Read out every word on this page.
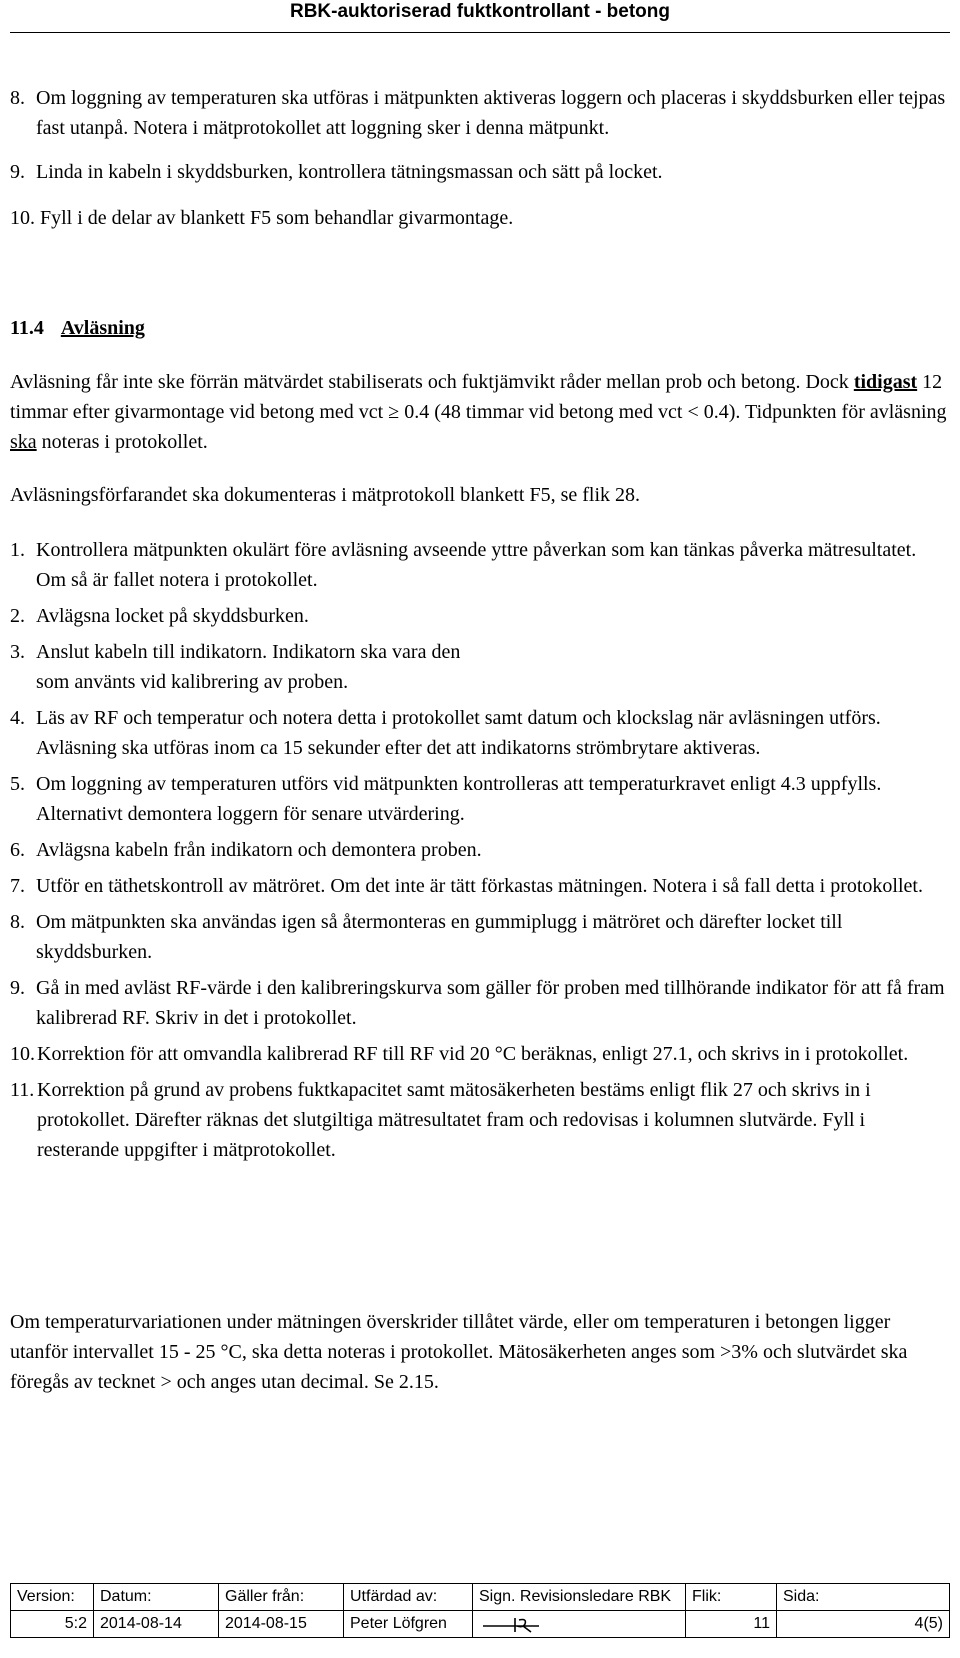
RBK-auktoriserad fuktkontrollant - betong
8. Om loggning av temperaturen ska utföras i mätpunkten aktiveras loggern och placeras i skyddsburken eller tejpas fast utanpå. Notera i mätprotokollet att loggning sker i denna mätpunkt.
9. Linda in kabeln i skyddsburken, kontrollera tätningsmassan och sätt på locket.
10. Fyll i de delar av blankett F5 som behandlar givarmontage.
11.4 Avläsning

Avläsning får inte ske förrän mätvärdet stabiliserats och fuktjämvikt råder mellan prob och betong. Dock tidigast 12 timmar efter givarmontage vid betong med vct ≥ 0.4 (48 timmar vid betong med vct < 0.4). Tidpunkten för avläsning ska noteras i protokollet.

Avläsningsförfarandet ska dokumenteras i mätprotokoll blankett F5, se flik 28.

1. Kontrollera mätpunkten okulärt före avläsning avseende yttre påverkan som kan tänkas påverka mätresultatet. Om så är fallet notera i protokollet.
2. Avlägsna locket på skyddsburken.
3. Anslut kabeln till indikatorn. Indikatorn ska vara den
som använts vid kalibrering av proben.
4. Läs av RF och temperatur och notera detta i protokollet samt datum och klockslag när avläsningen utförs. Avläsning ska utföras inom ca 15 sekunder efter det att indikatorns strömbrytare aktiveras.
5. Om loggning av temperaturen utförs vid mätpunkten kontrolleras att temperaturkravet enligt 4.3 uppfylls. Alternativt demontera loggern för senare utvärdering.
6. Avlägsna kabeln från indikatorn och demontera proben.
7. Utför en täthetskontroll av mätröret. Om det inte är tätt förkastas mätningen. Notera i så fall detta i protokollet.
8. Om mätpunkten ska användas igen så återmonteras en gummiplugg i mätröret och därefter locket till skyddsburken.
9. Gå in med avläst RF-värde i den kalibreringskurva som gäller för proben med tillhörande indikator för att få fram kalibrerad RF. Skriv in det i protokollet.
10. Korrektion för att omvandla kalibrerad RF till RF vid 20 °C beräknas, enligt 27.1, och skrivs in i protokollet.
11. Korrektion på grund av probens fuktkapacitet samt mätosäkerheten bestäms enligt flik 27 och skrivs in i protokollet. Därefter räknas det slutgiltiga mätresultatet fram och redovisas i kolumnen slutvärde. Fyll i resterande uppgifter i mätprotokollet.

Om temperaturvariationen under mätningen överskrider tillåtet värde, eller om temperaturen i betongen ligger utanför intervallet 15 - 25 °C, ska detta noteras i protokollet. Mätosäkerheten anges som >3% och slutvärdet ska föregås av tecknet > och anges utan decimal. Se 2.15.

Version:	Datum:	Gäller från:	Utfärdad av:	Sign. Revisionsledare RBK	Flik:	Sida:
5:2	2014-08-14	2014-08-15	Peter Löfgren		11	4(5)
